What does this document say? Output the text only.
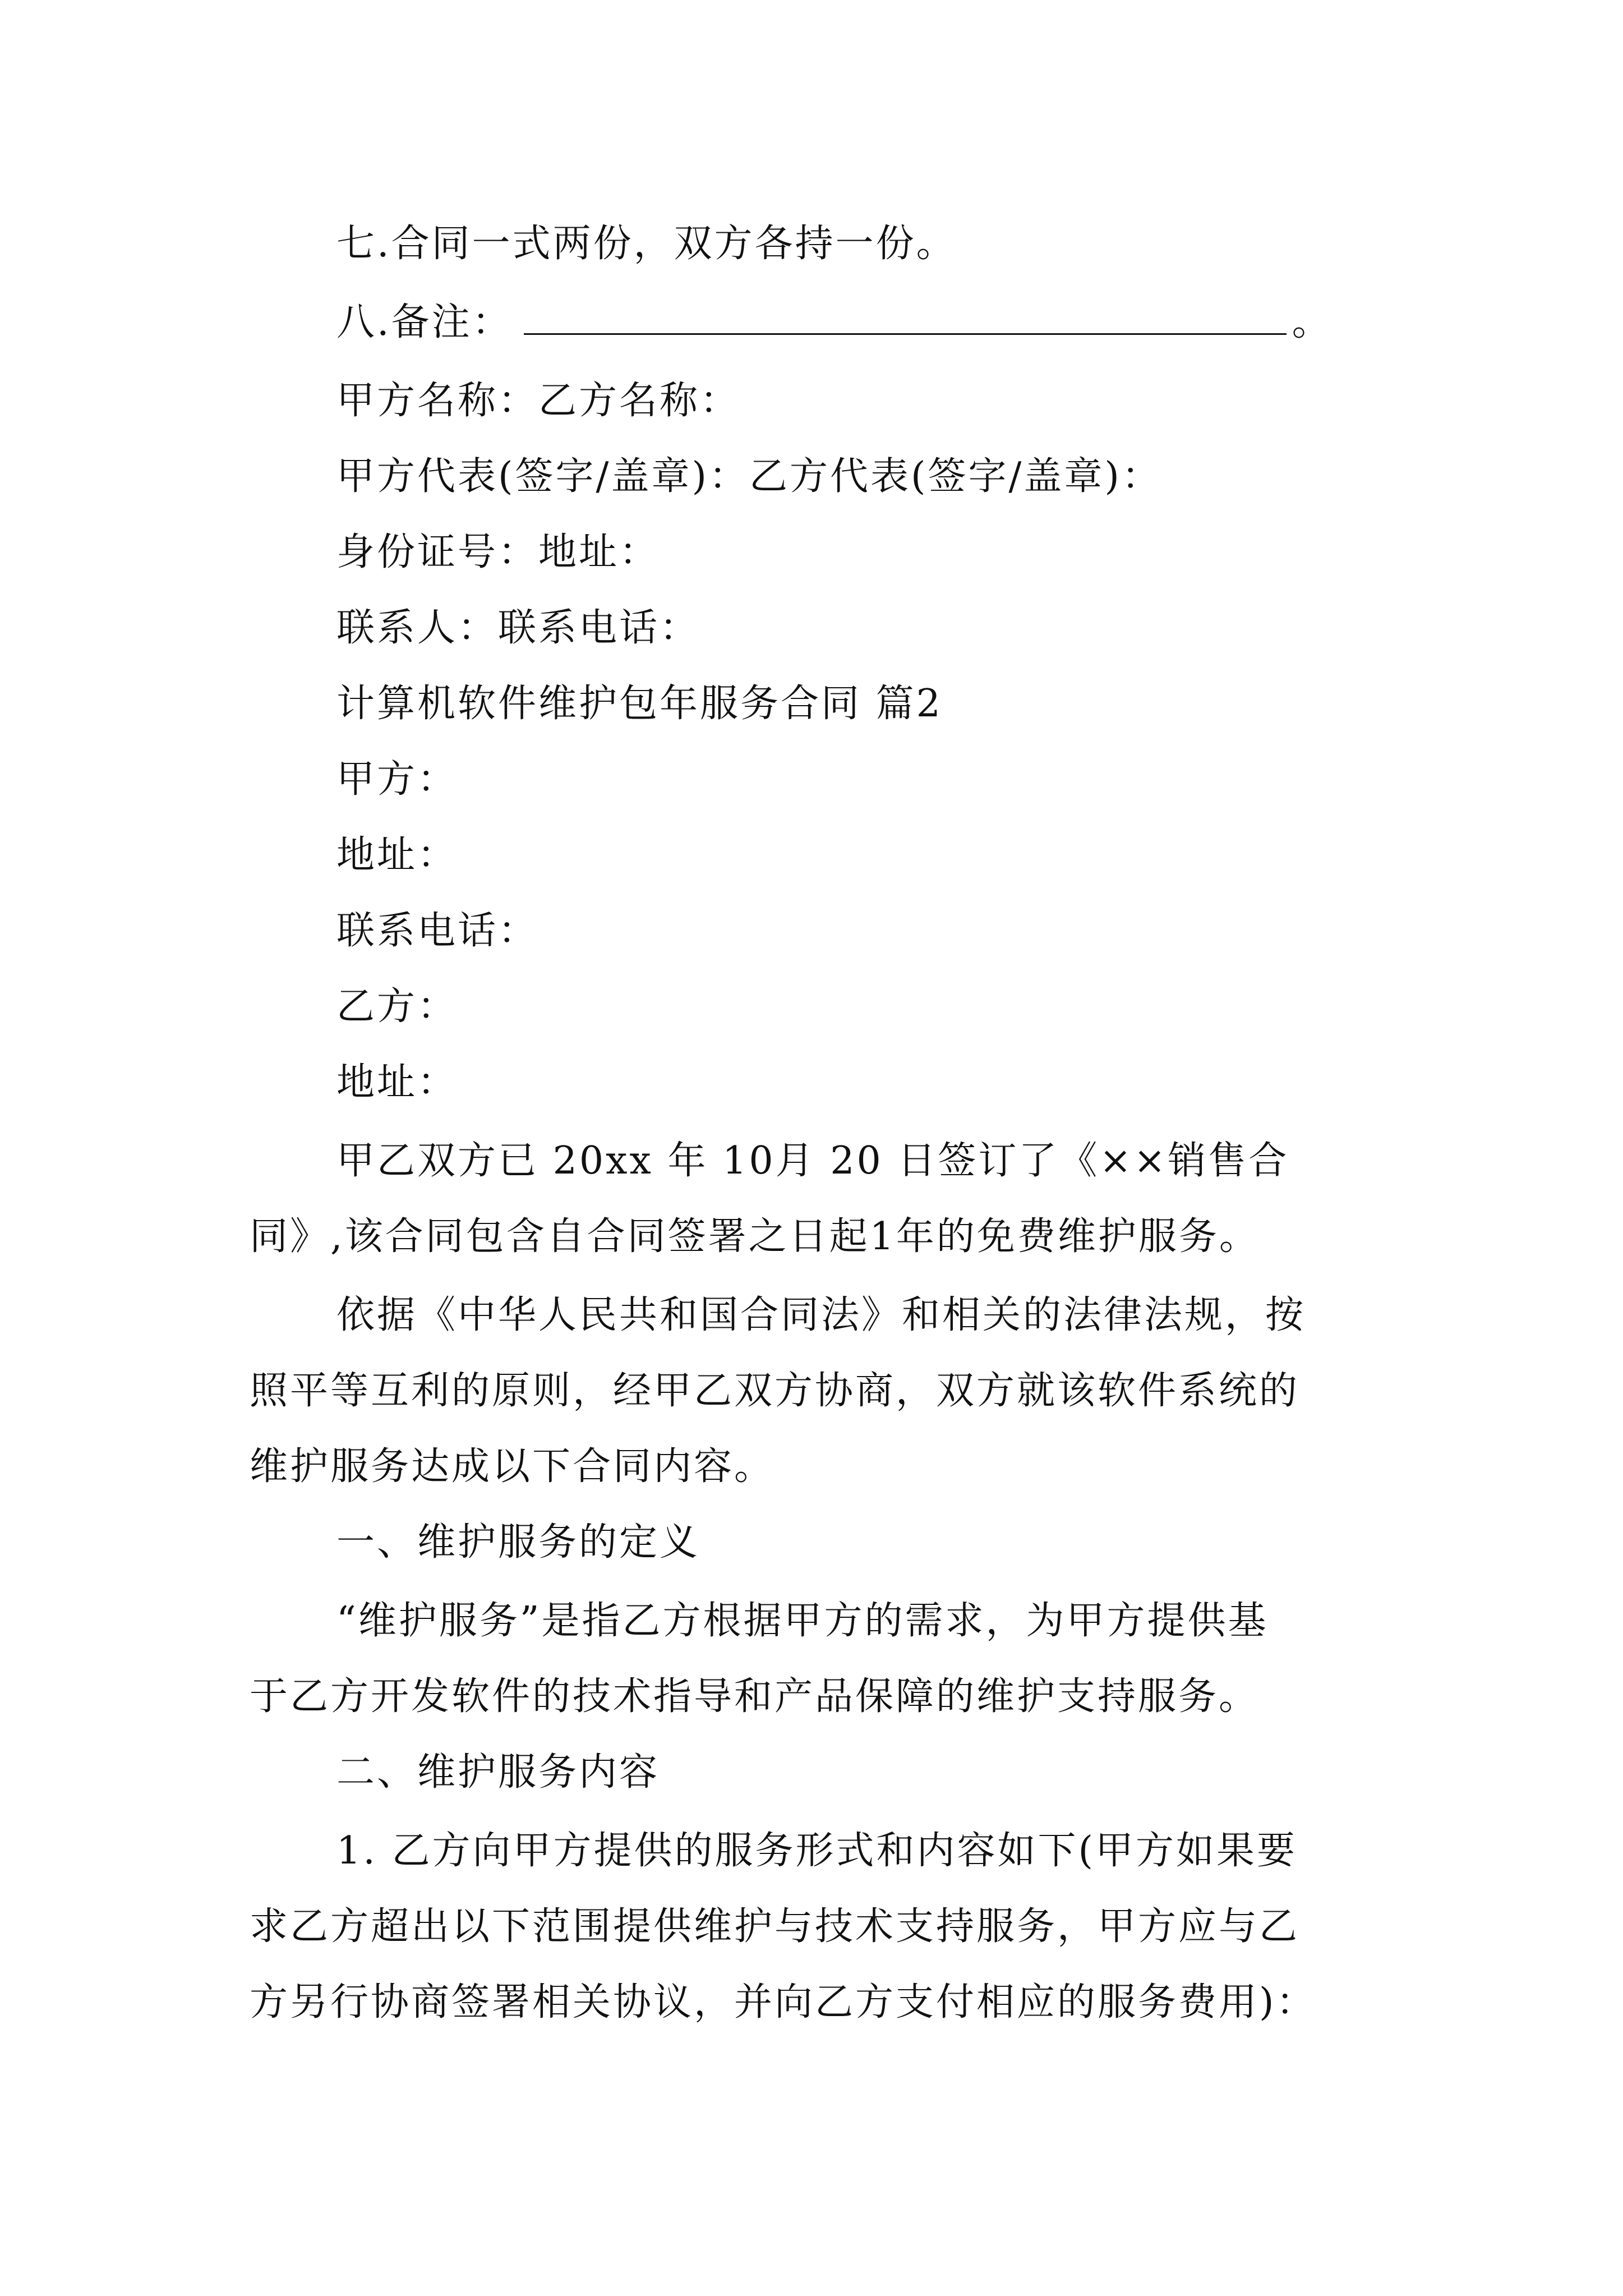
七.合同一式两份，双方各持一份。
八.备注：	。
甲方名称：乙方名称：
甲方代表(签字/盖章)：乙方代表(签字/盖章)：
身份证号：地址：
联系人：联系电话：
计算机软件维护包年服务合同 篇2
甲方：
地址：
联系电话：
乙方：
地址：
甲乙双方已 20xx 年 10月 20 日签订了《××销售合
同》,该合同包含自合同签署之日起1年的免费维护服务。
依据《中华人民共和国合同法》和相关的法律法规，按
照平等互利的原则，经甲乙双方协商，双方就该软件系统的
维护服务达成以下合同内容。
一、维护服务的定义
“维护服务”是指乙方根据甲方的需求，为甲方提供基
于乙方开发软件的技术指导和产品保障的维护支持服务。
二、维护服务内容
1. 乙方向甲方提供的服务形式和内容如下(甲方如果要
求乙方超出以下范围提供维护与技术支持服务，甲方应与乙
方另行协商签署相关协议，并向乙方支付相应的服务费用)：
